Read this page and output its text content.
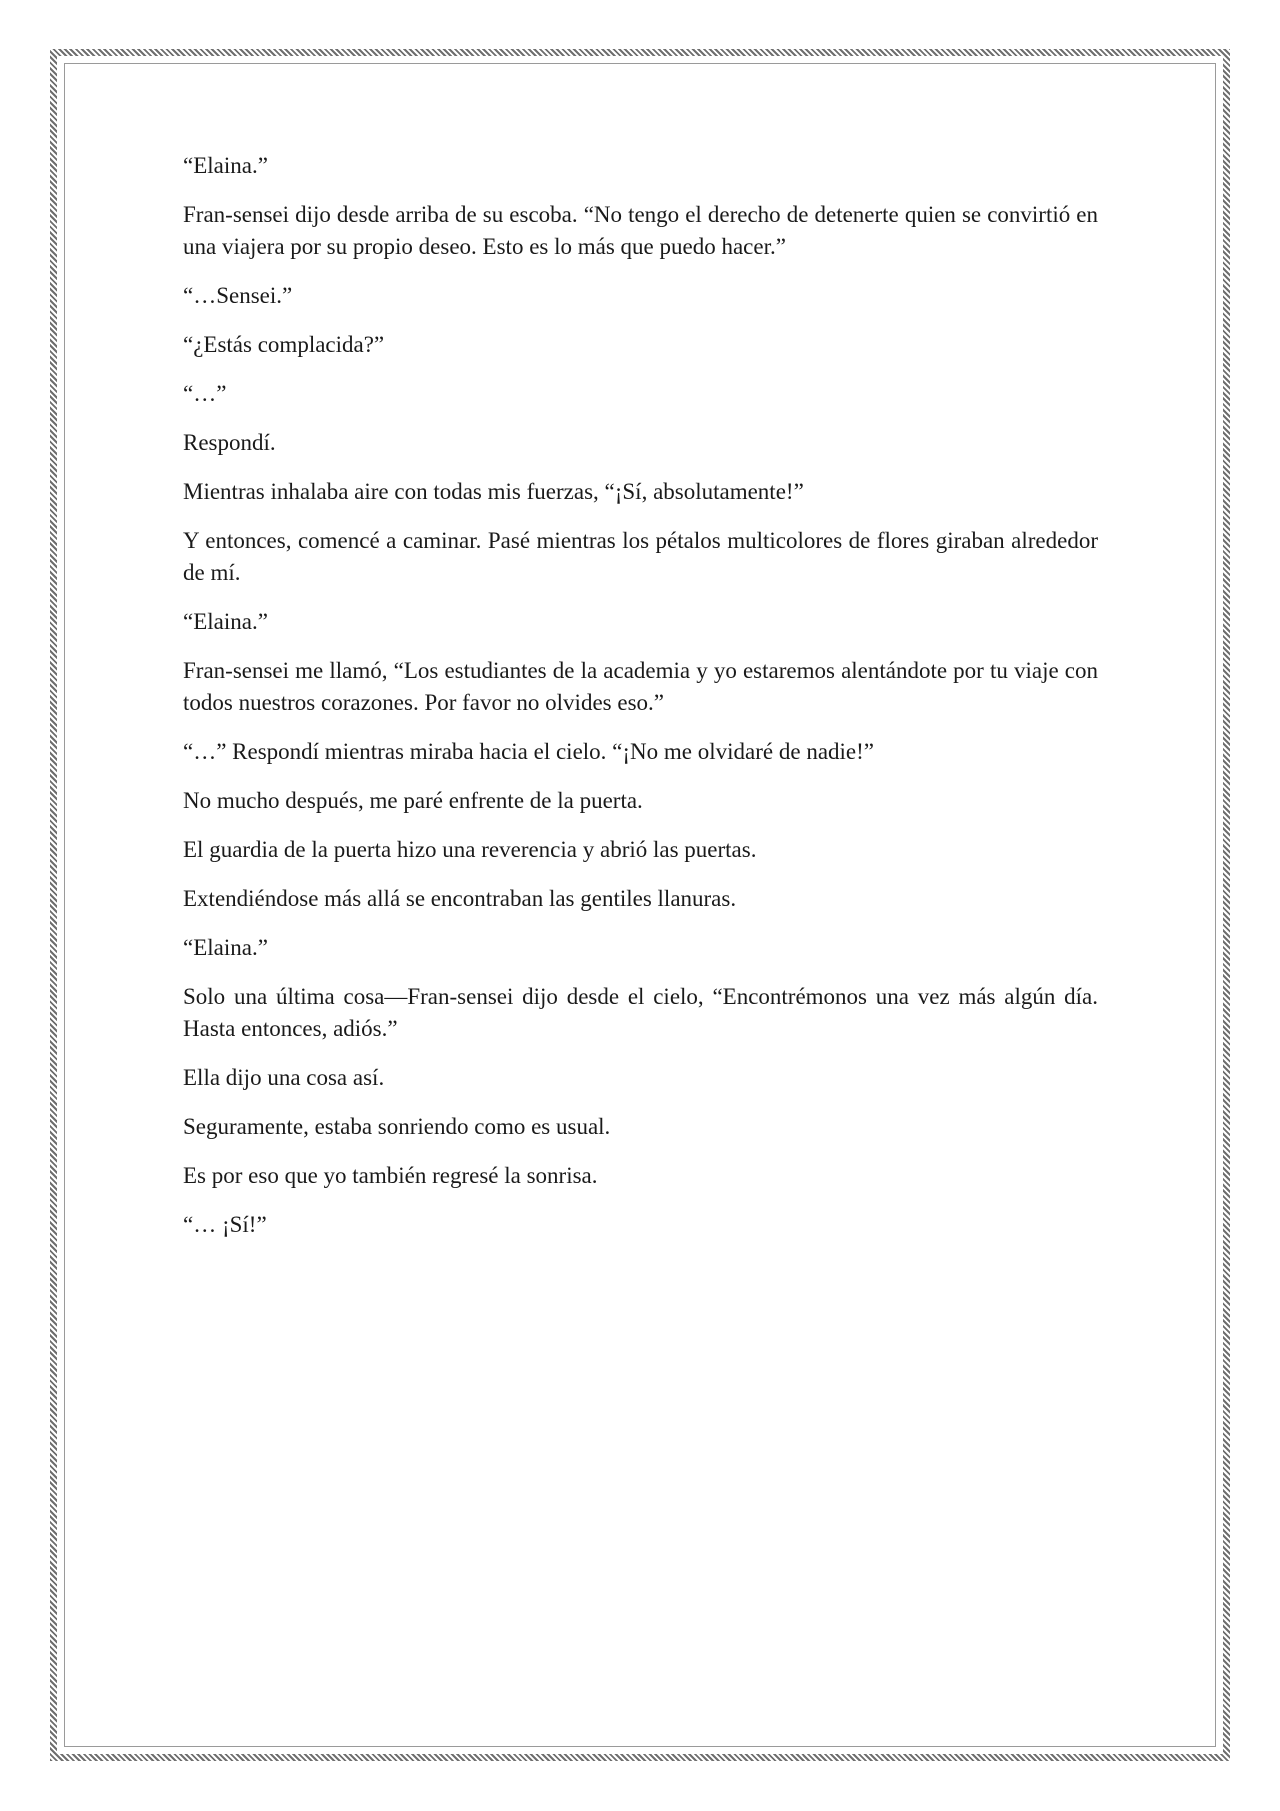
“Elaina.”

Fran-sensei dijo desde arriba de su escoba. “No tengo el derecho de detenerte quien se convirtió en una viajera por su propio deseo. Esto es lo más que puedo hacer.”

“…Sensei.”

“¿Estás complacida?”

“…”

Respondí.

Mientras inhalaba aire con todas mis fuerzas, “¡Sí, absolutamente!”

Y entonces, comencé a caminar. Pasé mientras los pétalos multicolores de flores giraban alrededor de mí.

“Elaina.”

Fran-sensei me llamó, “Los estudiantes de la academia y yo estaremos alentándote por tu viaje con todos nuestros corazones. Por favor no olvides eso.”

“…” Respondí mientras miraba hacia el cielo. “¡No me olvidaré de nadie!”

No mucho después, me paré enfrente de la puerta.

El guardia de la puerta hizo una reverencia y abrió las puertas.

Extendiéndose más allá se encontraban las gentiles llanuras.

“Elaina.”

Solo una última cosa—Fran-sensei dijo desde el cielo, “Encontrémonos una vez más algún día. Hasta entonces, adiós.”

Ella dijo una cosa así.

Seguramente, estaba sonriendo como es usual.

Es por eso que yo también regresé la sonrisa.

“… ¡Sí!”
